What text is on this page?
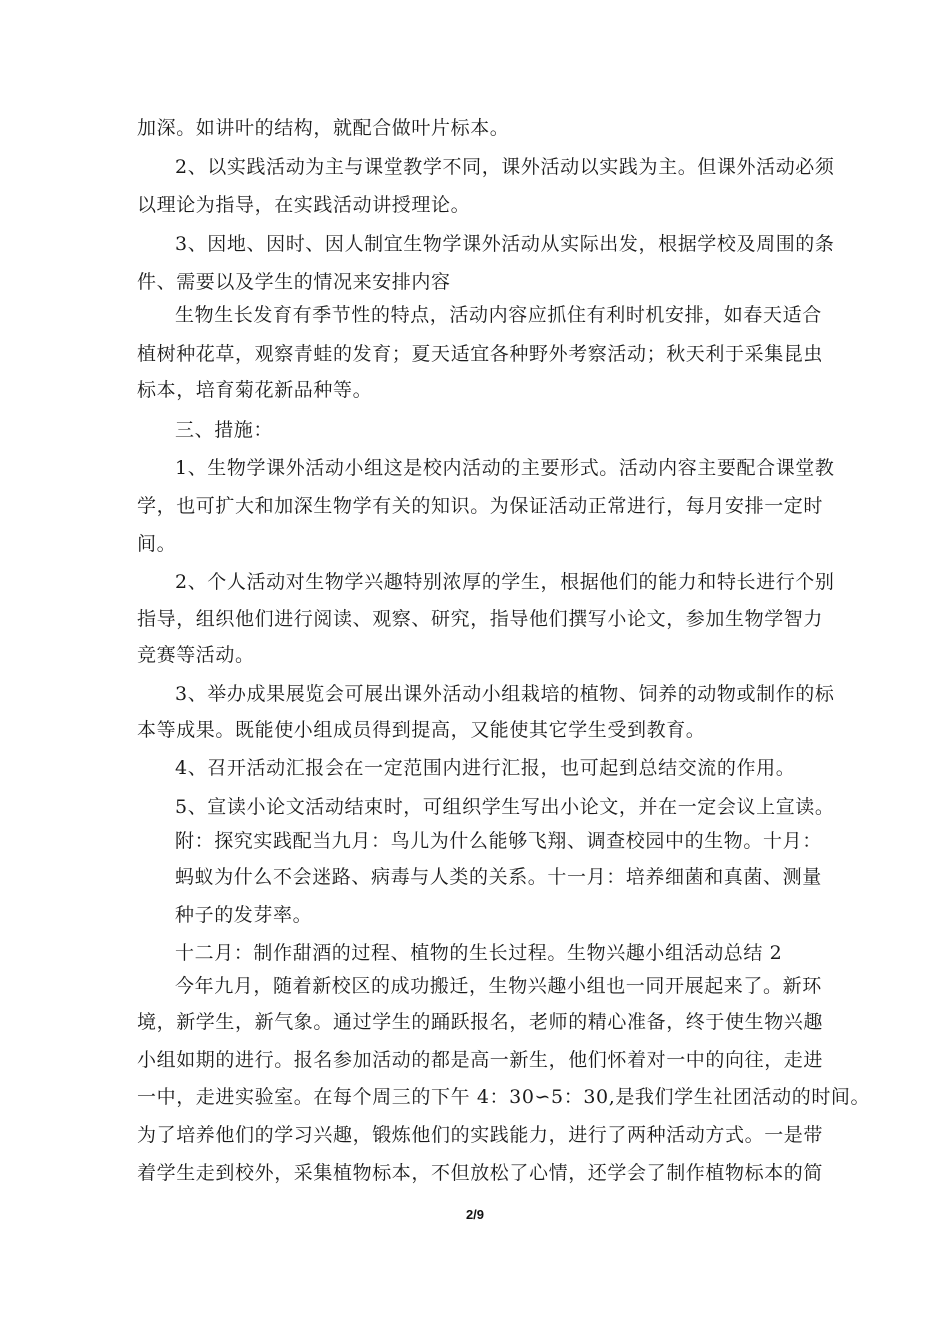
加深。如讲叶的结构，就配合做叶片标本。
2、以实践活动为主与课堂教学不同，课外活动以实践为主。但课外活动必须
以理论为指导，在实践活动讲授理论。
3、因地、因时、因人制宜生物学课外活动从实际出发，根据学校及周围的条
件、需要以及学生的情况来安排内容
生物生长发育有季节性的特点，活动内容应抓住有利时机安排，如春天适合
植树种花草，观察青蛙的发育；夏天适宜各种野外考察活动；秋天利于采集昆虫
标本，培育菊花新品种等。
三、措施：
1、生物学课外活动小组这是校内活动的主要形式。活动内容主要配合课堂教
学，也可扩大和加深生物学有关的知识。为保证活动正常进行，每月安排一定时
间。
2、个人活动对生物学兴趣特别浓厚的学生，根据他们的能力和特长进行个别
指导，组织他们进行阅读、观察、研究，指导他们撰写小论文，参加生物学智力
竞赛等活动。
3、举办成果展览会可展出课外活动小组栽培的植物、饲养的动物或制作的标
本等成果。既能使小组成员得到提高，又能使其它学生受到教育。
4、召开活动汇报会在一定范围内进行汇报，也可起到总结交流的作用。
5、宣读小论文活动结束时，可组织学生写出小论文，并在一定会议上宣读。
附：探究实践配当九月：鸟儿为什么能够飞翔、调查校园中的生物。十月：
蚂蚁为什么不会迷路、病毒与人类的关系。十一月：培养细菌和真菌、测量
种子的发芽率。
十二月：制作甜酒的过程、植物的生长过程。生物兴趣小组活动总结 2
今年九月，随着新校区的成功搬迁，生物兴趣小组也一同开展起来了。新环
境，新学生，新气象。通过学生的踊跃报名，老师的精心准备，终于使生物兴趣
小组如期的进行。报名参加活动的都是高一新生，他们怀着对一中的向往，走进
一中，走进实验室。在每个周三的下午 4：30∽5：30,是我们学生社团活动的时间。
为了培养他们的学习兴趣，锻炼他们的实践能力，进行了两种活动方式。一是带
着学生走到校外，采集植物标本，不但放松了心情，还学会了制作植物标本的简
2/9
